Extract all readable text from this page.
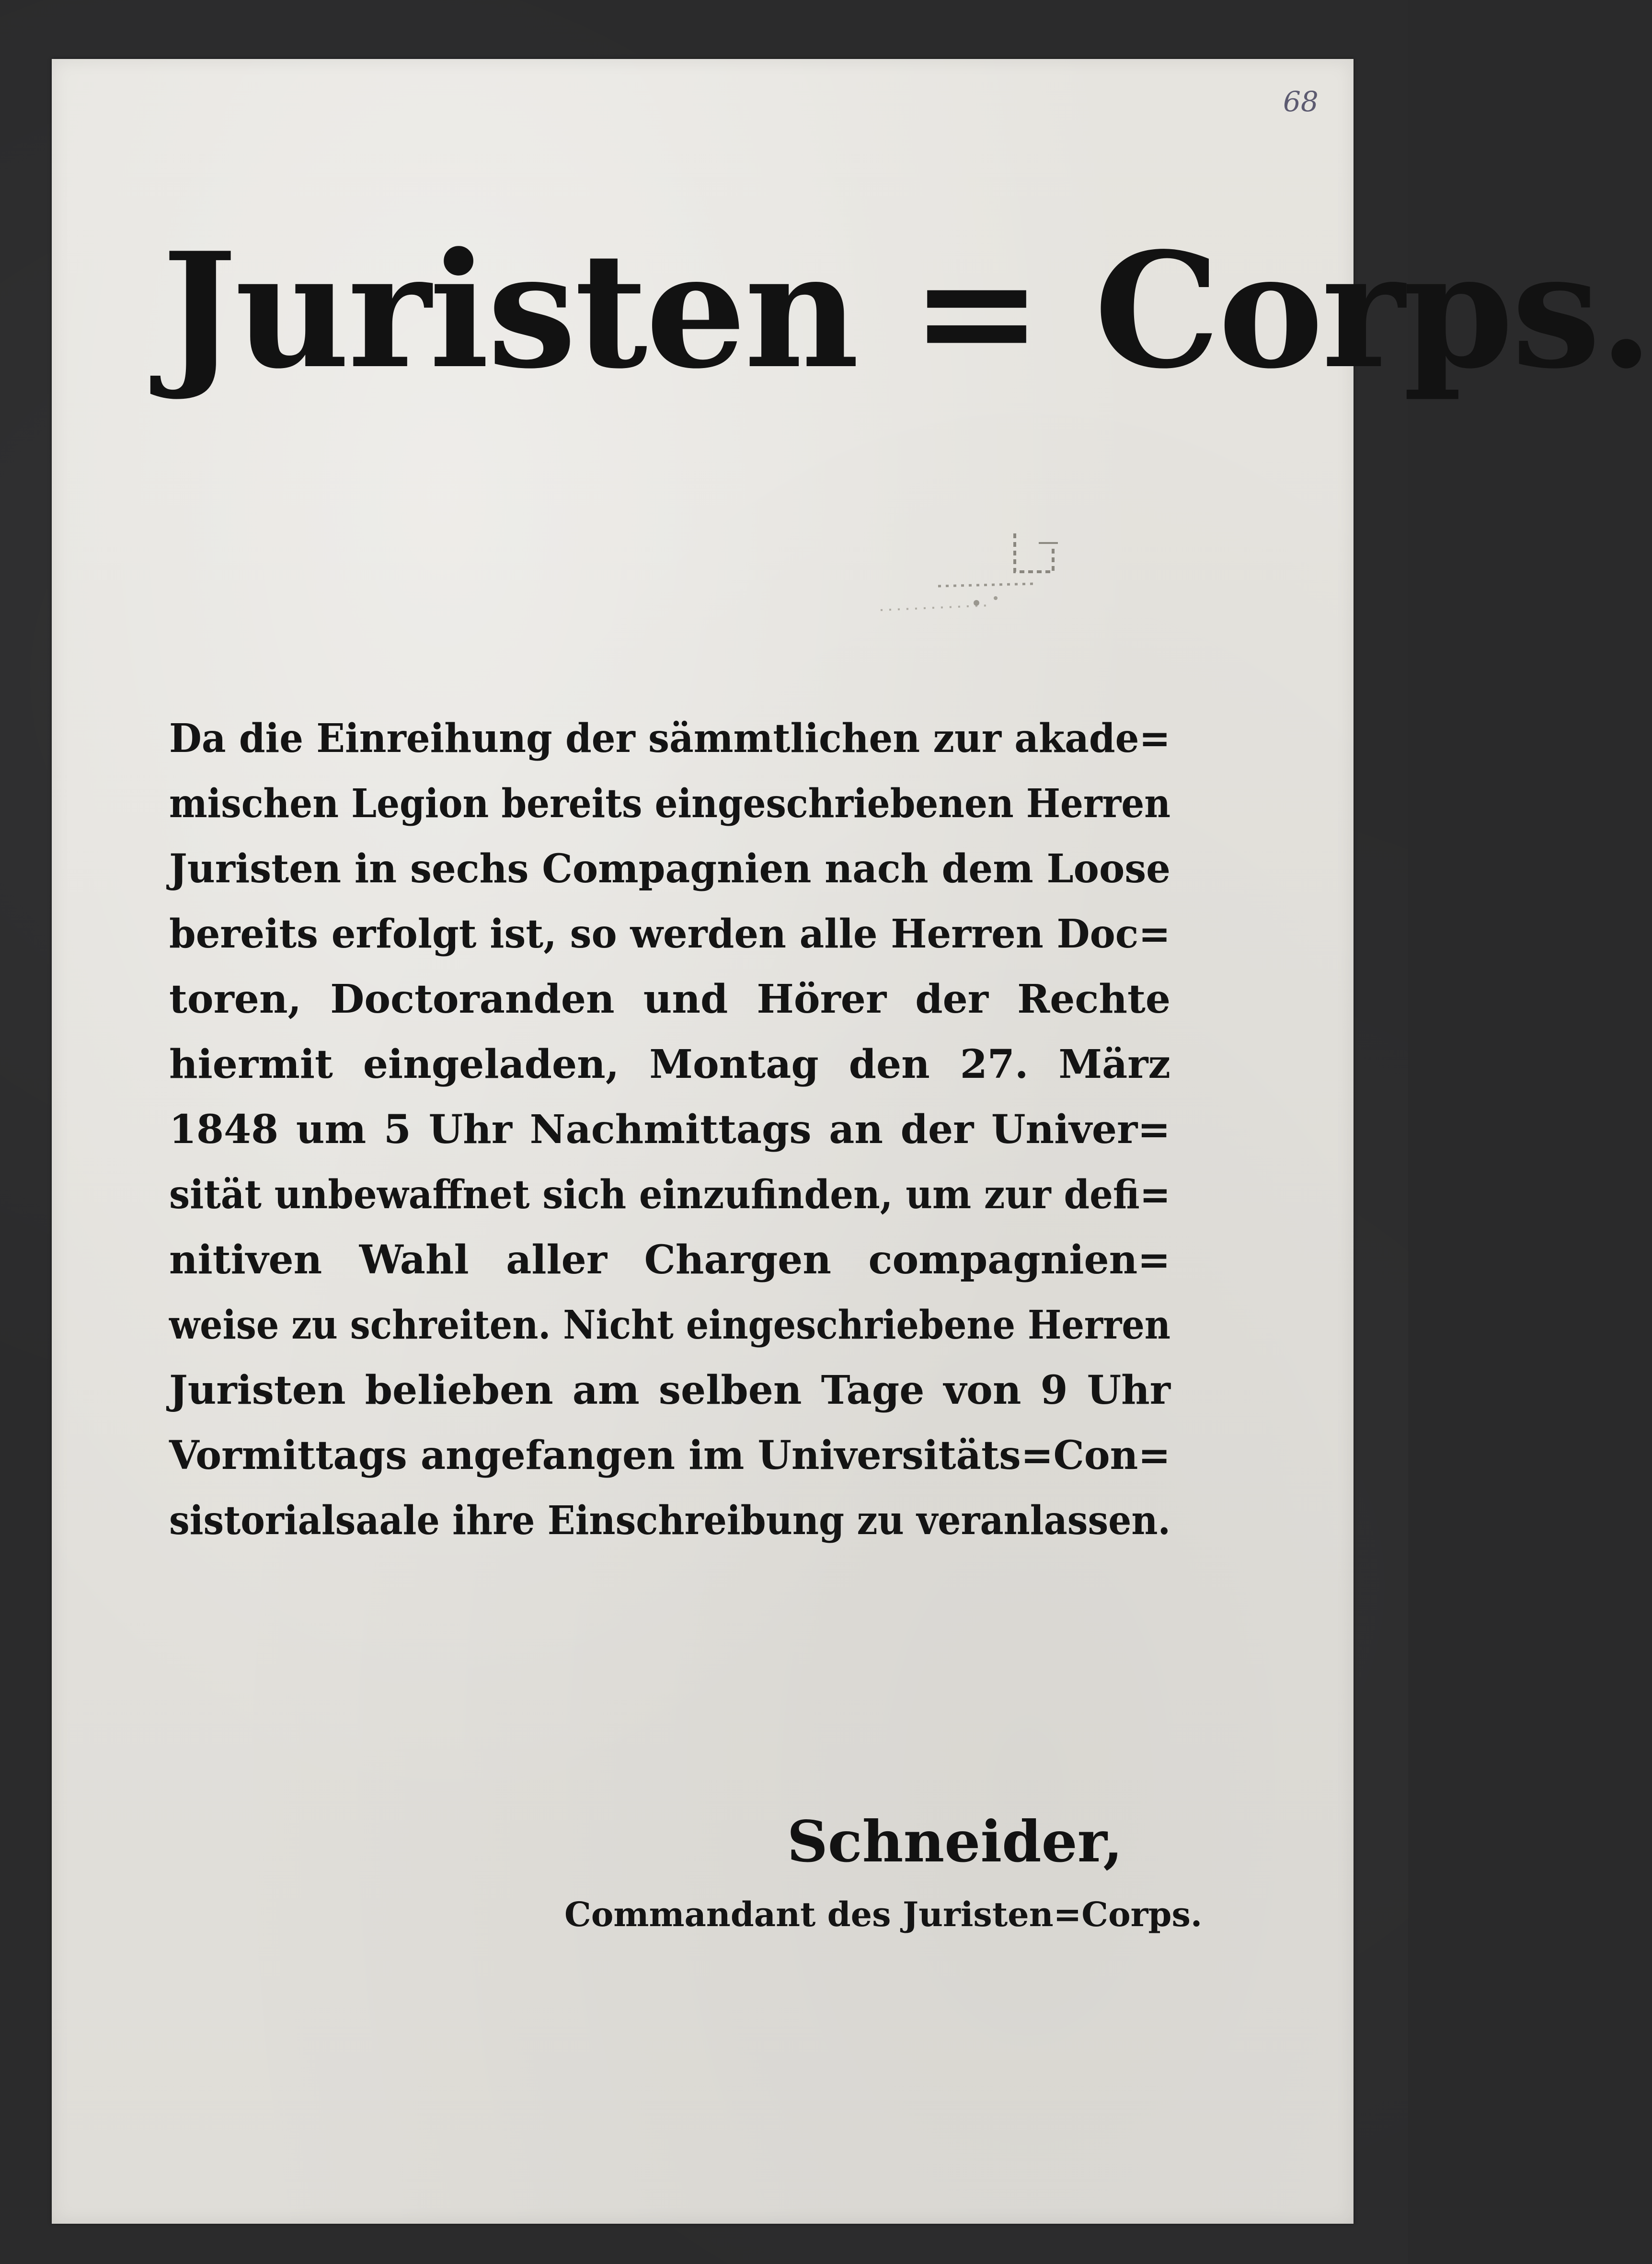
68
Juristen = Corps.
Da die Einreihung der sämmtlichen zur akade=
mischen Legion bereits eingeschriebenen Herren
Juristen in sechs Compagnien nach dem Loose
bereits erfolgt ist, so werden alle Herren Doc=
toren, Doctoranden und Hörer der Rechte
hiermit eingeladen, Montag den 27. März
1848 um 5 Uhr Nachmittags an der Univer=
sität unbewaffnet sich einzufinden, um zur defi=
nitiven Wahl aller Chargen compagnien=
weise zu schreiten. Nicht eingeschriebene Herren
Juristen belieben am selben Tage von 9 Uhr
Vormittags angefangen im Universitäts=Con=
sistorialsaale ihre Einschreibung zu veranlassen.
Schneider,
Commandant des Juristen=Corps.
